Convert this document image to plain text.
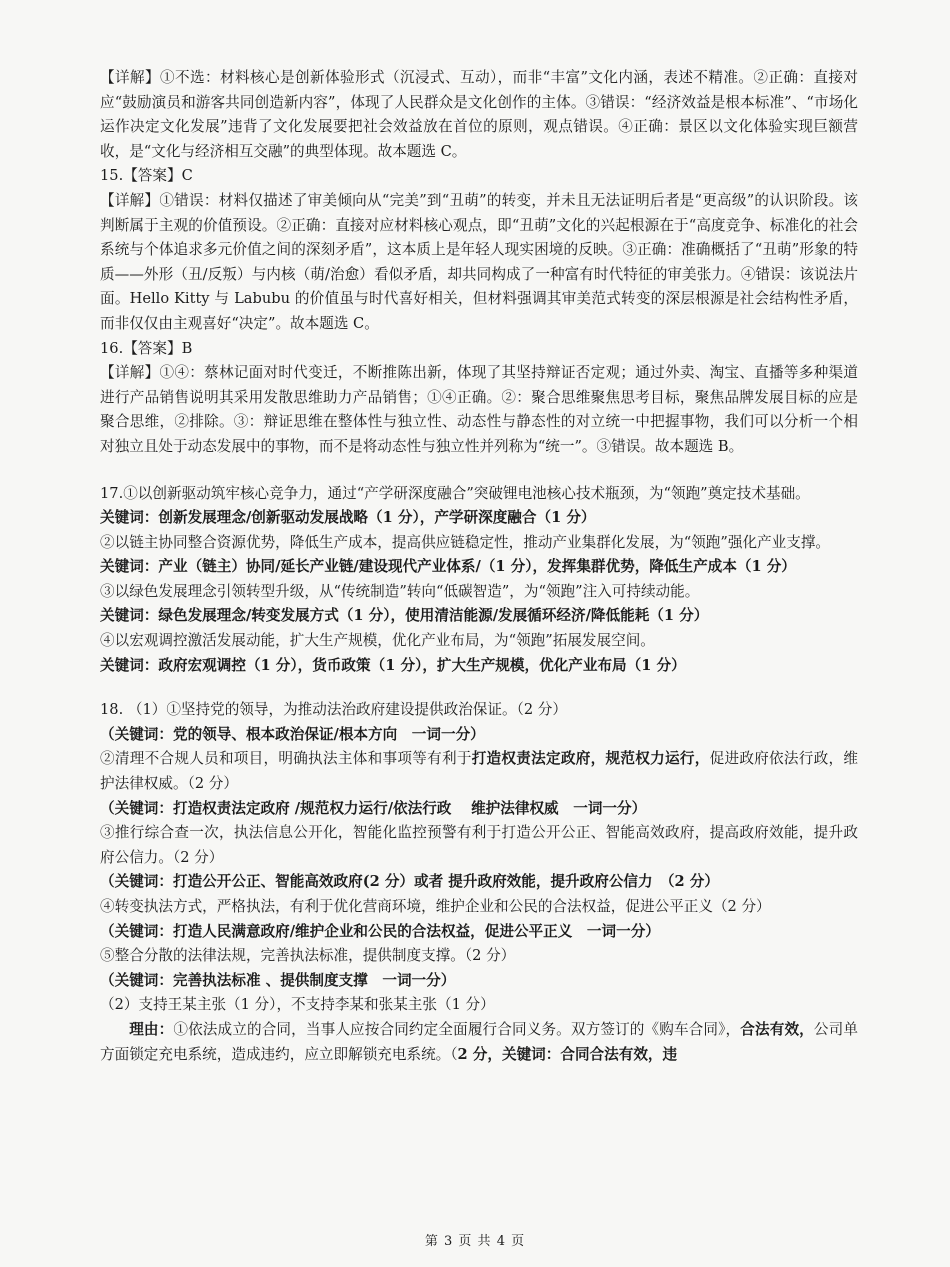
【详解】①不选：材料核心是创新体验形式（沉浸式、互动），而非“丰富”文化内涵，表述不精准。②正确：直接对应“鼓励演员和游客共同创造新内容”，体现了人民群众是文化创作的主体。③错误：“经济效益是根本标准”、“市场化运作决定文化发展”违背了文化发展要把社会效益放在首位的原则，观点错误。④正确：景区以文化体验实现巨额营收，是“文化与经济相互交融”的典型体现。故本题选 C。

15.【答案】C

【详解】①错误：材料仅描述了审美倾向从“完美”到“丑萌”的转变，并未且无法证明后者是“更高级”的认识阶段。该判断属于主观的价值预设。②正确：直接对应材料核心观点，即“丑萌”文化的兴起根源在于“高度竞争、标准化的社会系统与个体追求多元价值之间的深刻矛盾”，这本质上是年轻人现实困境的反映。③正确：准确概括了“丑萌”形象的特质——外形（丑/反叛）与内核（萌/治愈）看似矛盾，却共同构成了一种富有时代特征的审美张力。④错误：该说法片面。Hello Kitty 与 Labubu 的价值虽与时代喜好相关，但材料强调其审美范式转变的深层根源是社会结构性矛盾，而非仅仅由主观喜好“决定”。故本题选 C。

16.【答案】B

【详解】①④：蔡林记面对时代变迁，不断推陈出新，体现了其坚持辩证否定观；通过外卖、淘宝、直播等多种渠道进行产品销售说明其采用发散思维助力产品销售；①④正确。②：聚合思维聚焦思考目标，聚焦品牌发展目标的应是聚合思维，②排除。③：辩证思维在整体性与独立性、动态性与静态性的对立统一中把握事物，我们可以分析一个相对独立且处于动态发展中的事物，而不是将动态性与独立性并列称为“统一”。③错误。故本题选 B。

17.①以创新驱动筑牢核心竞争力，通过“产学研深度融合”突破锂电池核心技术瓶颈，为“领跑”奠定技术基础。

关键词：创新发展理念/创新驱动发展战略（1 分），产学研深度融合（1 分）

②以链主协同整合资源优势，降低生产成本，提高供应链稳定性，推动产业集群化发展，为“领跑”强化产业支撑。

关键词：产业（链主）协同/延长产业链/建设现代产业体系/（1 分），发挥集群优势，降低生产成本（1 分）

③以绿色发展理念引领转型升级，从“传统制造”转向“低碳智造”，为“领跑”注入可持续动能。

关键词：绿色发展理念/转变发展方式（1 分），使用清洁能源/发展循环经济/降低能耗（1 分）

④以宏观调控激活发展动能，扩大生产规模，优化产业布局，为“领跑”拓展发展空间。

关键词：政府宏观调控（1 分），货币政策（1 分），扩大生产规模，优化产业布局（1 分）

18. （1）①坚持党的领导，为推动法治政府建设提供政治保证。（2 分）

（关键词：党的领导、根本政治保证/根本方向　一词一分）

②清理不合规人员和项目，明确执法主体和事项等有利于打造权责法定政府，规范权力运行，促进政府依法行政，维护法律权威。（2 分）

（关键词：打造权责法定政府 /规范权力运行/依法行政　 维护法律权威　一词一分）

③推行综合查一次，执法信息公开化，智能化监控预警有利于打造公开公正、智能高效政府，提高政府效能，提升政府公信力。（2 分）

（关键词：打造公开公正、智能高效政府(2 分）或者 提升政府效能，提升政府公信力　（2 分）

④转变执法方式，严格执法，有利于优化营商环境，维护企业和公民的合法权益，促进公平正义（2 分）

（关键词：打造人民满意政府/维护企业和公民的合法权益，促进公平正义　一词一分）

⑤整合分散的法律法规，完善执法标准，提供制度支撑。（2 分）

（关键词：完善执法标准 、提供制度支撑　一词一分）

（2）支持王某主张（1 分），不支持李某和张某主张（1 分）

理由：①依法成立的合同，当事人应按合同约定全面履行合同义务。双方签订的《购车合同》，合法有效，公司单方面锁定充电系统，造成违约，应立即解锁充电系统。（2 分，关键词：合同合法有效，违

第 3 页 共 4 页
